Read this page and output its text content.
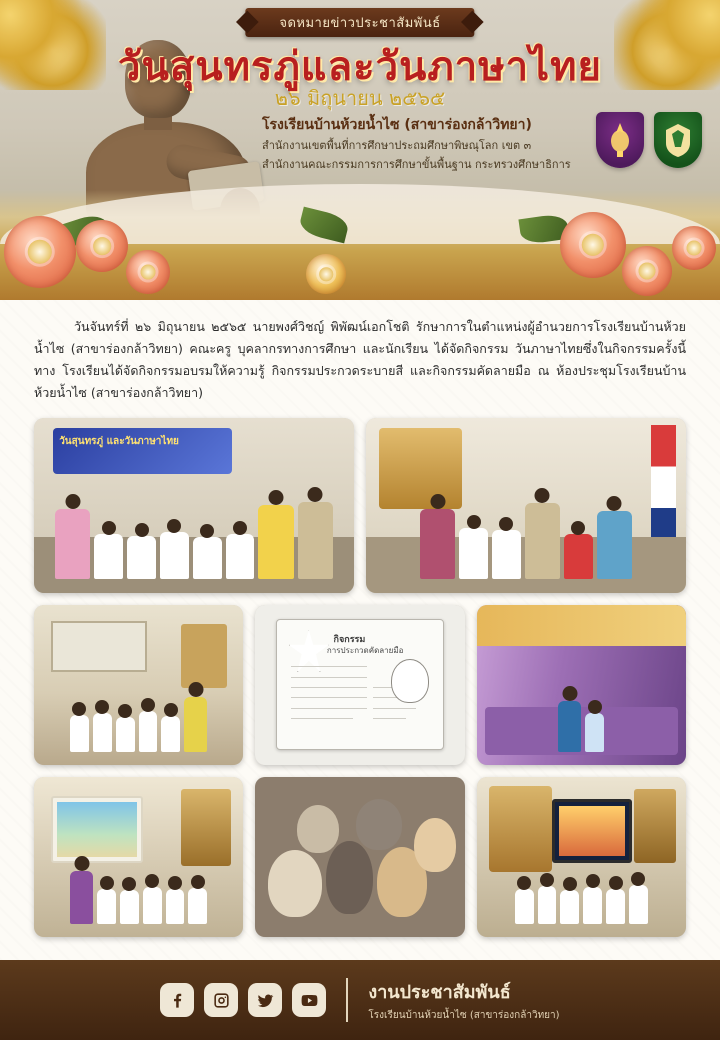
จดหมายข่าวประชาสัมพันธ์
วันสุนทรภู่และวันภาษาไทย
๒๖ มิถุนายน ๒๕๖๕
โรงเรียนบ้านห้วยน้ำไซ (สาขาร่องกล้าวิทยา)
สำนักงานเขตพื้นที่การศึกษาประถมศึกษาพิษณุโลก เขต ๓
สำนักงานคณะกรรมการการศึกษาขั้นพื้นฐาน กระทรวงศึกษาธิการ

วันจันทร์ที่ ๒๖ มิถุนายน ๒๕๖๕ นายพงศ์วิชญ์ พิพัฒน์เอกโชติ รักษาการในตำแหน่งผู้อำนวยการโรงเรียนบ้านห้วยน้ำไซ (สาขาร่องกล้าวิทยา) คณะครู บุคลากรทางการศึกษา และนักเรียน ได้จัดกิจกรรม วันภาษาไทยซึ่งในกิจกรรมครั้งนี้ทาง โรงเรียนได้จัดกิจกรรมอบรมให้ความรู้ กิจกรรมประกวดระบายสี และกิจกรรมคัดลายมือ ณ ห้องประชุมโรงเรียนบ้านห้วยน้ำไซ (สาขาร่องกล้าวิทยา)

วันสุนทรภู่ และวันภาษาไทย
กิจกรรม
การประกวดคัดลายมือ
งานประชาสัมพันธ์
โรงเรียนบ้านห้วยน้ำไซ (สาขาร่องกล้าวิทยา)
